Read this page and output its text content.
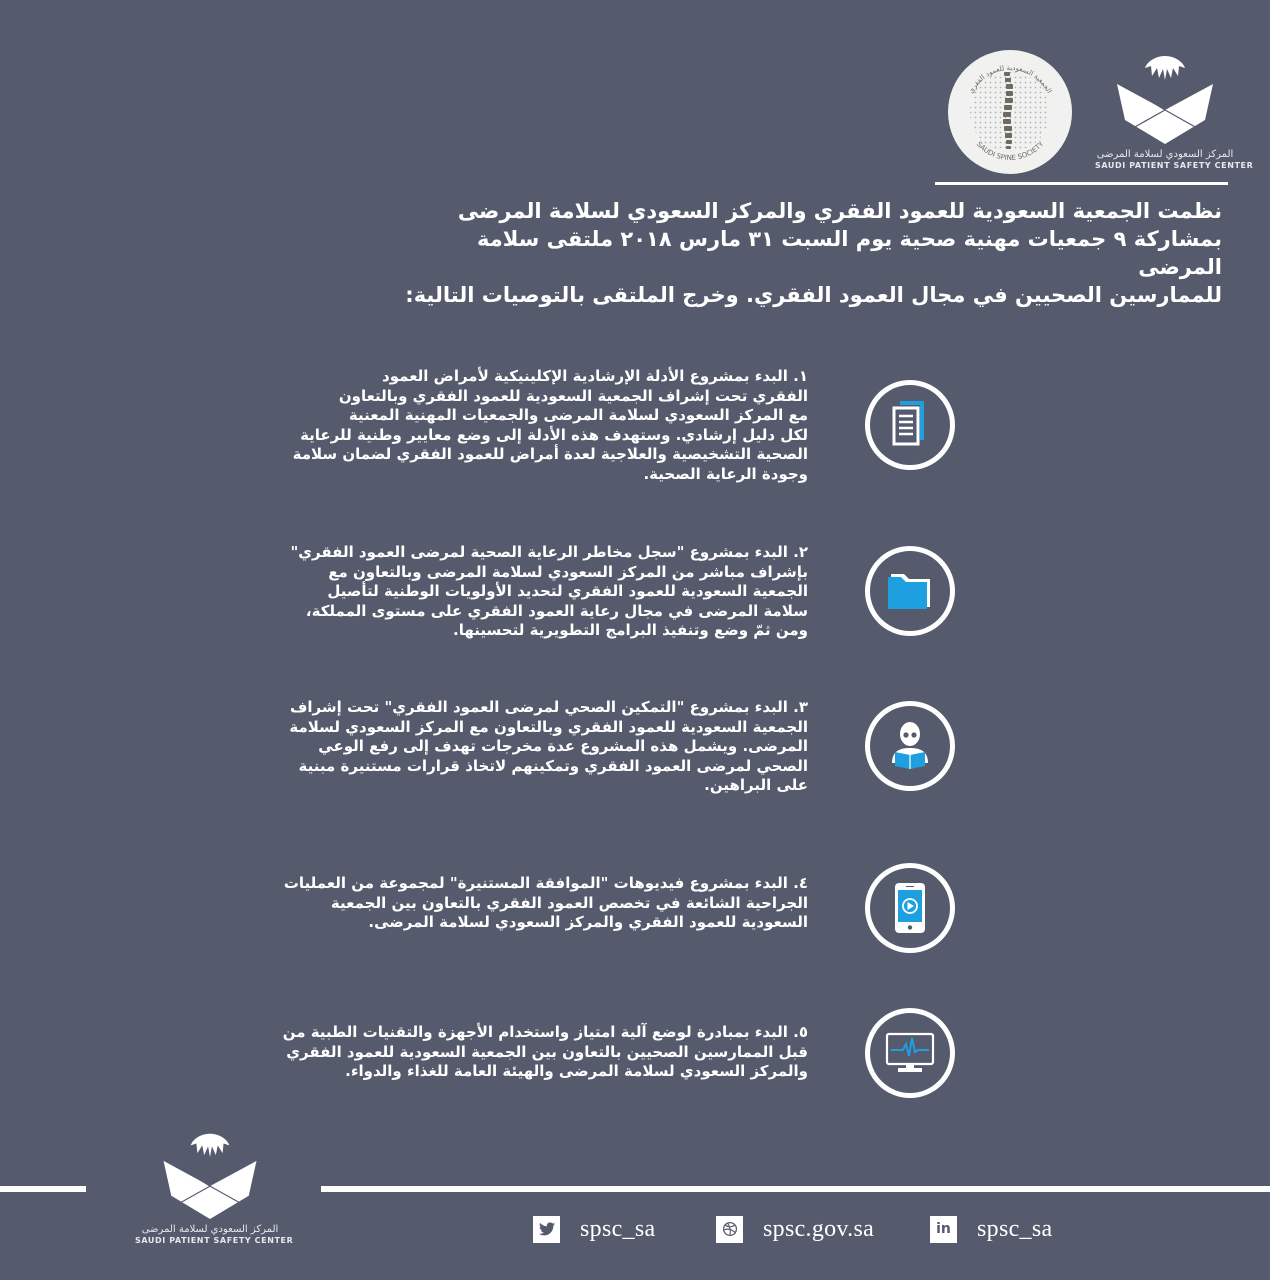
SAUDI SPINE SOCIETY
الجمعية السعودية للعمود الفقري
المركز السعودي لسلامة المرضى
SAUDI PATIENT SAFETY CENTER
نظمت الجمعية السعودية للعمود الفقري والمركز السعودي لسلامة المرضى
بمشاركة ٩ جمعيات مهنية صحية يوم السبت ٣١ مارس ٢٠١٨ ملتقى سلامة المرضى
للممارسين الصحيين في مجال العمود الفقري. وخرج الملتقى بالتوصيات التالية:
١. البدء بمشروع الأدلة الإرشادية الإكلينيكية لأمراض العمود
الفقري تحت إشراف الجمعية السعودية للعمود الفقري وبالتعاون
مع المركز السعودي لسلامة المرضى والجمعيات المهنية المعنية
لكل دليل إرشادي. وستهدف هذه الأدلة إلى وضع معايير وطنية للرعاية
الصحية التشخيصية والعلاجية لعدة أمراض للعمود الفقري لضمان سلامة
وجودة الرعاية الصحية.
٢. البدء بمشروع "سجل مخاطر الرعاية الصحية لمرضى العمود الفقري"
بإشراف مباشر من المركز السعودي لسلامة المرضى وبالتعاون مع
الجمعية السعودية للعمود الفقري لتحديد الأولويات الوطنية لتأصيل
سلامة المرضى في مجال رعاية العمود الفقري على مستوى المملكة،
ومن ثمّ وضع وتنفيذ البرامج التطويرية لتحسينها.
٣. البدء بمشروع "التمكين الصحي لمرضى العمود الفقري" تحت إشراف
الجمعية السعودية للعمود الفقري وبالتعاون مع المركز السعودي لسلامة
المرضى. ويشمل هذه المشروع عدة مخرجات تهدف إلى رفع الوعي
الصحي لمرضى العمود الفقري وتمكينهم لاتخاذ قرارات مستنيرة مبنية
على البراهين.
٤. البدء بمشروع فيديوهات "الموافقة المستنيرة" لمجموعة من العمليات
الجراحية الشائعة في تخصص العمود الفقري بالتعاون بين الجمعية
السعودية للعمود الفقري والمركز السعودي لسلامة المرضى.
٥. البدء بمبادرة لوضع آلية امتياز واستخدام الأجهزة والتقنيات الطبية من
قبل الممارسين الصحيين بالتعاون بين الجمعية السعودية للعمود الفقري
والمركز السعودي لسلامة المرضى والهيئة العامة للغذاء والدواء.
المركز السعودي لسلامة المرضى
SAUDI PATIENT SAFETY CENTER	spsc_sa	spsc.gov.sa	in spsc_sa
